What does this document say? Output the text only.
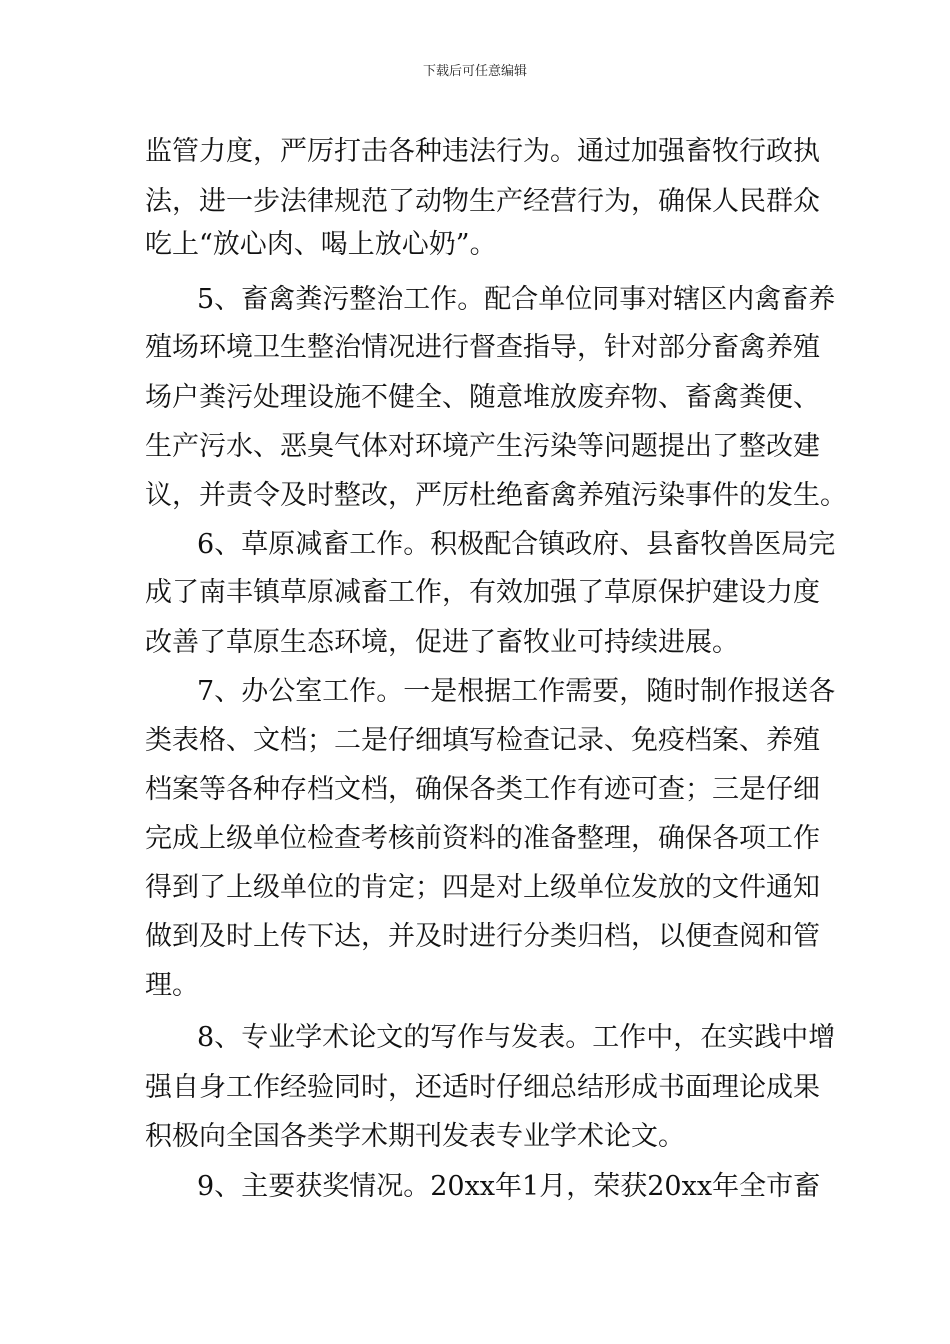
下载后可任意编辑
监 管 力 度 ， 严 厉 打 击 各 种 违 法 行 为 。 通 过 加 强 畜 牧 行 政 执
法 ， 进 一 步 法 律 规 范 了 动 物 生 产 经 营 行 为 ， 确 保 人 民 群 众
吃上“放心肉、喝上放心奶”。
5 、 畜 禽 粪 污 整 治 工 作 。 配 合 单 位 同 事 对 辖 区 内 禽 畜 养
殖 场 环 境 卫 生 整 治 情 况 进 行 督 查 指 导 ， 针 对 部 分 畜 禽 养 殖
场 户 粪 污 处 理 设 施 不 健 全 、 随 意 堆 放 废 弃 物 、 畜 禽 粪 便 、
生 产 污 水 、 恶 臭 气 体 对 环 境 产 生 污 染 等 问 题 提 出 了 整 改 建
议 ， 并 责 令 及 时 整 改 ， 严 厉 杜 绝 畜 禽 养 殖 污 染 事 件 的 发 生 。
6 、 草 原 减 畜 工 作 。 积 极 配 合 镇 政 府 、 县 畜 牧 兽 医 局 完
成 了 南 丰 镇 草 原 减 畜 工 作 ， 有 效 加 强 了 草 原 保 护 建 设 力 度
改善了草原生态环境，促进了畜牧业可持续进展。
7 、 办 公 室 工 作 。 一 是 根 据 工 作 需 要 ， 随 时 制 作 报 送 各
类 表 格 、 文 档 ； 二 是 仔 细 填 写 检 查 记 录 、 免 疫 档 案 、 养 殖
档 案 等 各 种 存 档 文 档 ， 确 保 各 类 工 作 有 迹 可 查 ； 三 是 仔 细
完 成 上 级 单 位 检 查 考 核 前 资 料 的 准 备 整 理 ， 确 保 各 项 工 作
得 到 了 上 级 单 位 的 肯 定 ； 四 是 对 上 级 单 位 发 放 的 文 件 通 知
做 到 及 时 上 传 下 达 ， 并 及 时 进 行 分 类 归 档 ， 以 便 查 阅 和 管
理。
8 、 专 业 学 术 论 文 的 写 作 与 发 表 。 工 作 中 ， 在 实 践 中 增
强 自 身 工 作 经 验 同 时 ， 还 适 时 仔 细 总 结 形 成 书 面 理 论 成 果
积极向全国各类学术期刊发表专业学术论文。
9 、 主 要 获 奖 情 况 。 2 0 x x 年 1 月 ， 荣 获 2 0 x x 年 全 市 畜
